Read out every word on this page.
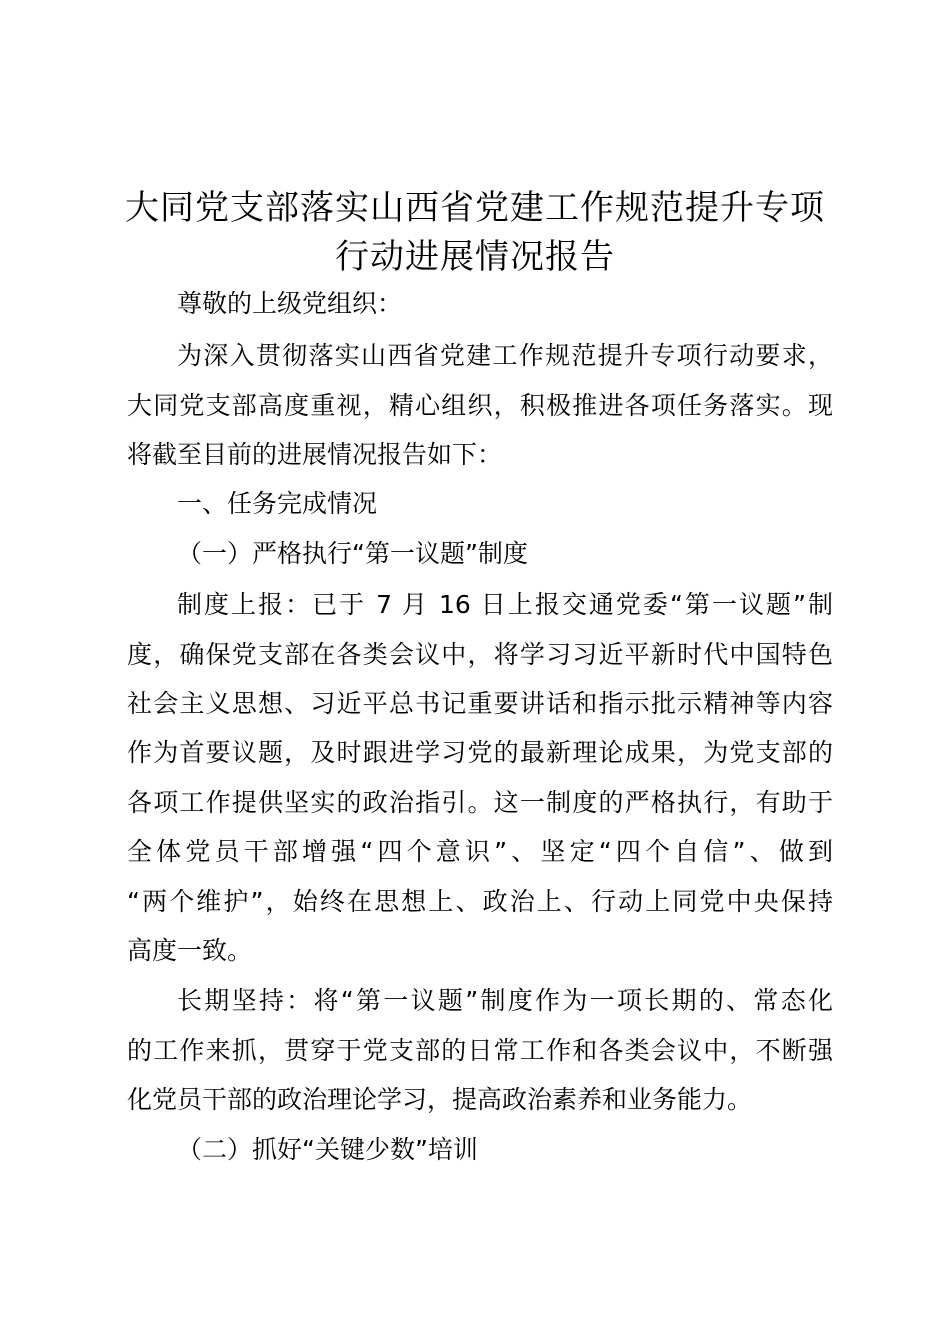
大同党支部落实山西省党建工作规范提升专项
行动进展情况报告

尊敬的上级党组织：

为深入贯彻落实山西省党建工作规范提升专项行动要求，

大同党支部高度重视，精心组织，积极推进各项任务落实。现

将截至目前的进展情况报告如下：

一、任务完成情况

（一）严格执行“第一议题”制度

制度上报：已于 7 月 16 日上报交通党委“第一议题”制

度，确保党支部在各类会议中，将学习习近平新时代中国特色

社会主义思想、习近平总书记重要讲话和指示批示精神等内容

作为首要议题，及时跟进学习党的最新理论成果，为党支部的

各项工作提供坚实的政治指引。这一制度的严格执行，有助于

全体党员干部增强“四个意识”、坚定“四个自信”、做到

“两个维护”，始终在思想上、政治上、行动上同党中央保持

高度一致。

长期坚持：将“第一议题”制度作为一项长期的、常态化

的工作来抓，贯穿于党支部的日常工作和各类会议中，不断强

化党员干部的政治理论学习，提高政治素养和业务能力。

（二）抓好“关键少数”培训
